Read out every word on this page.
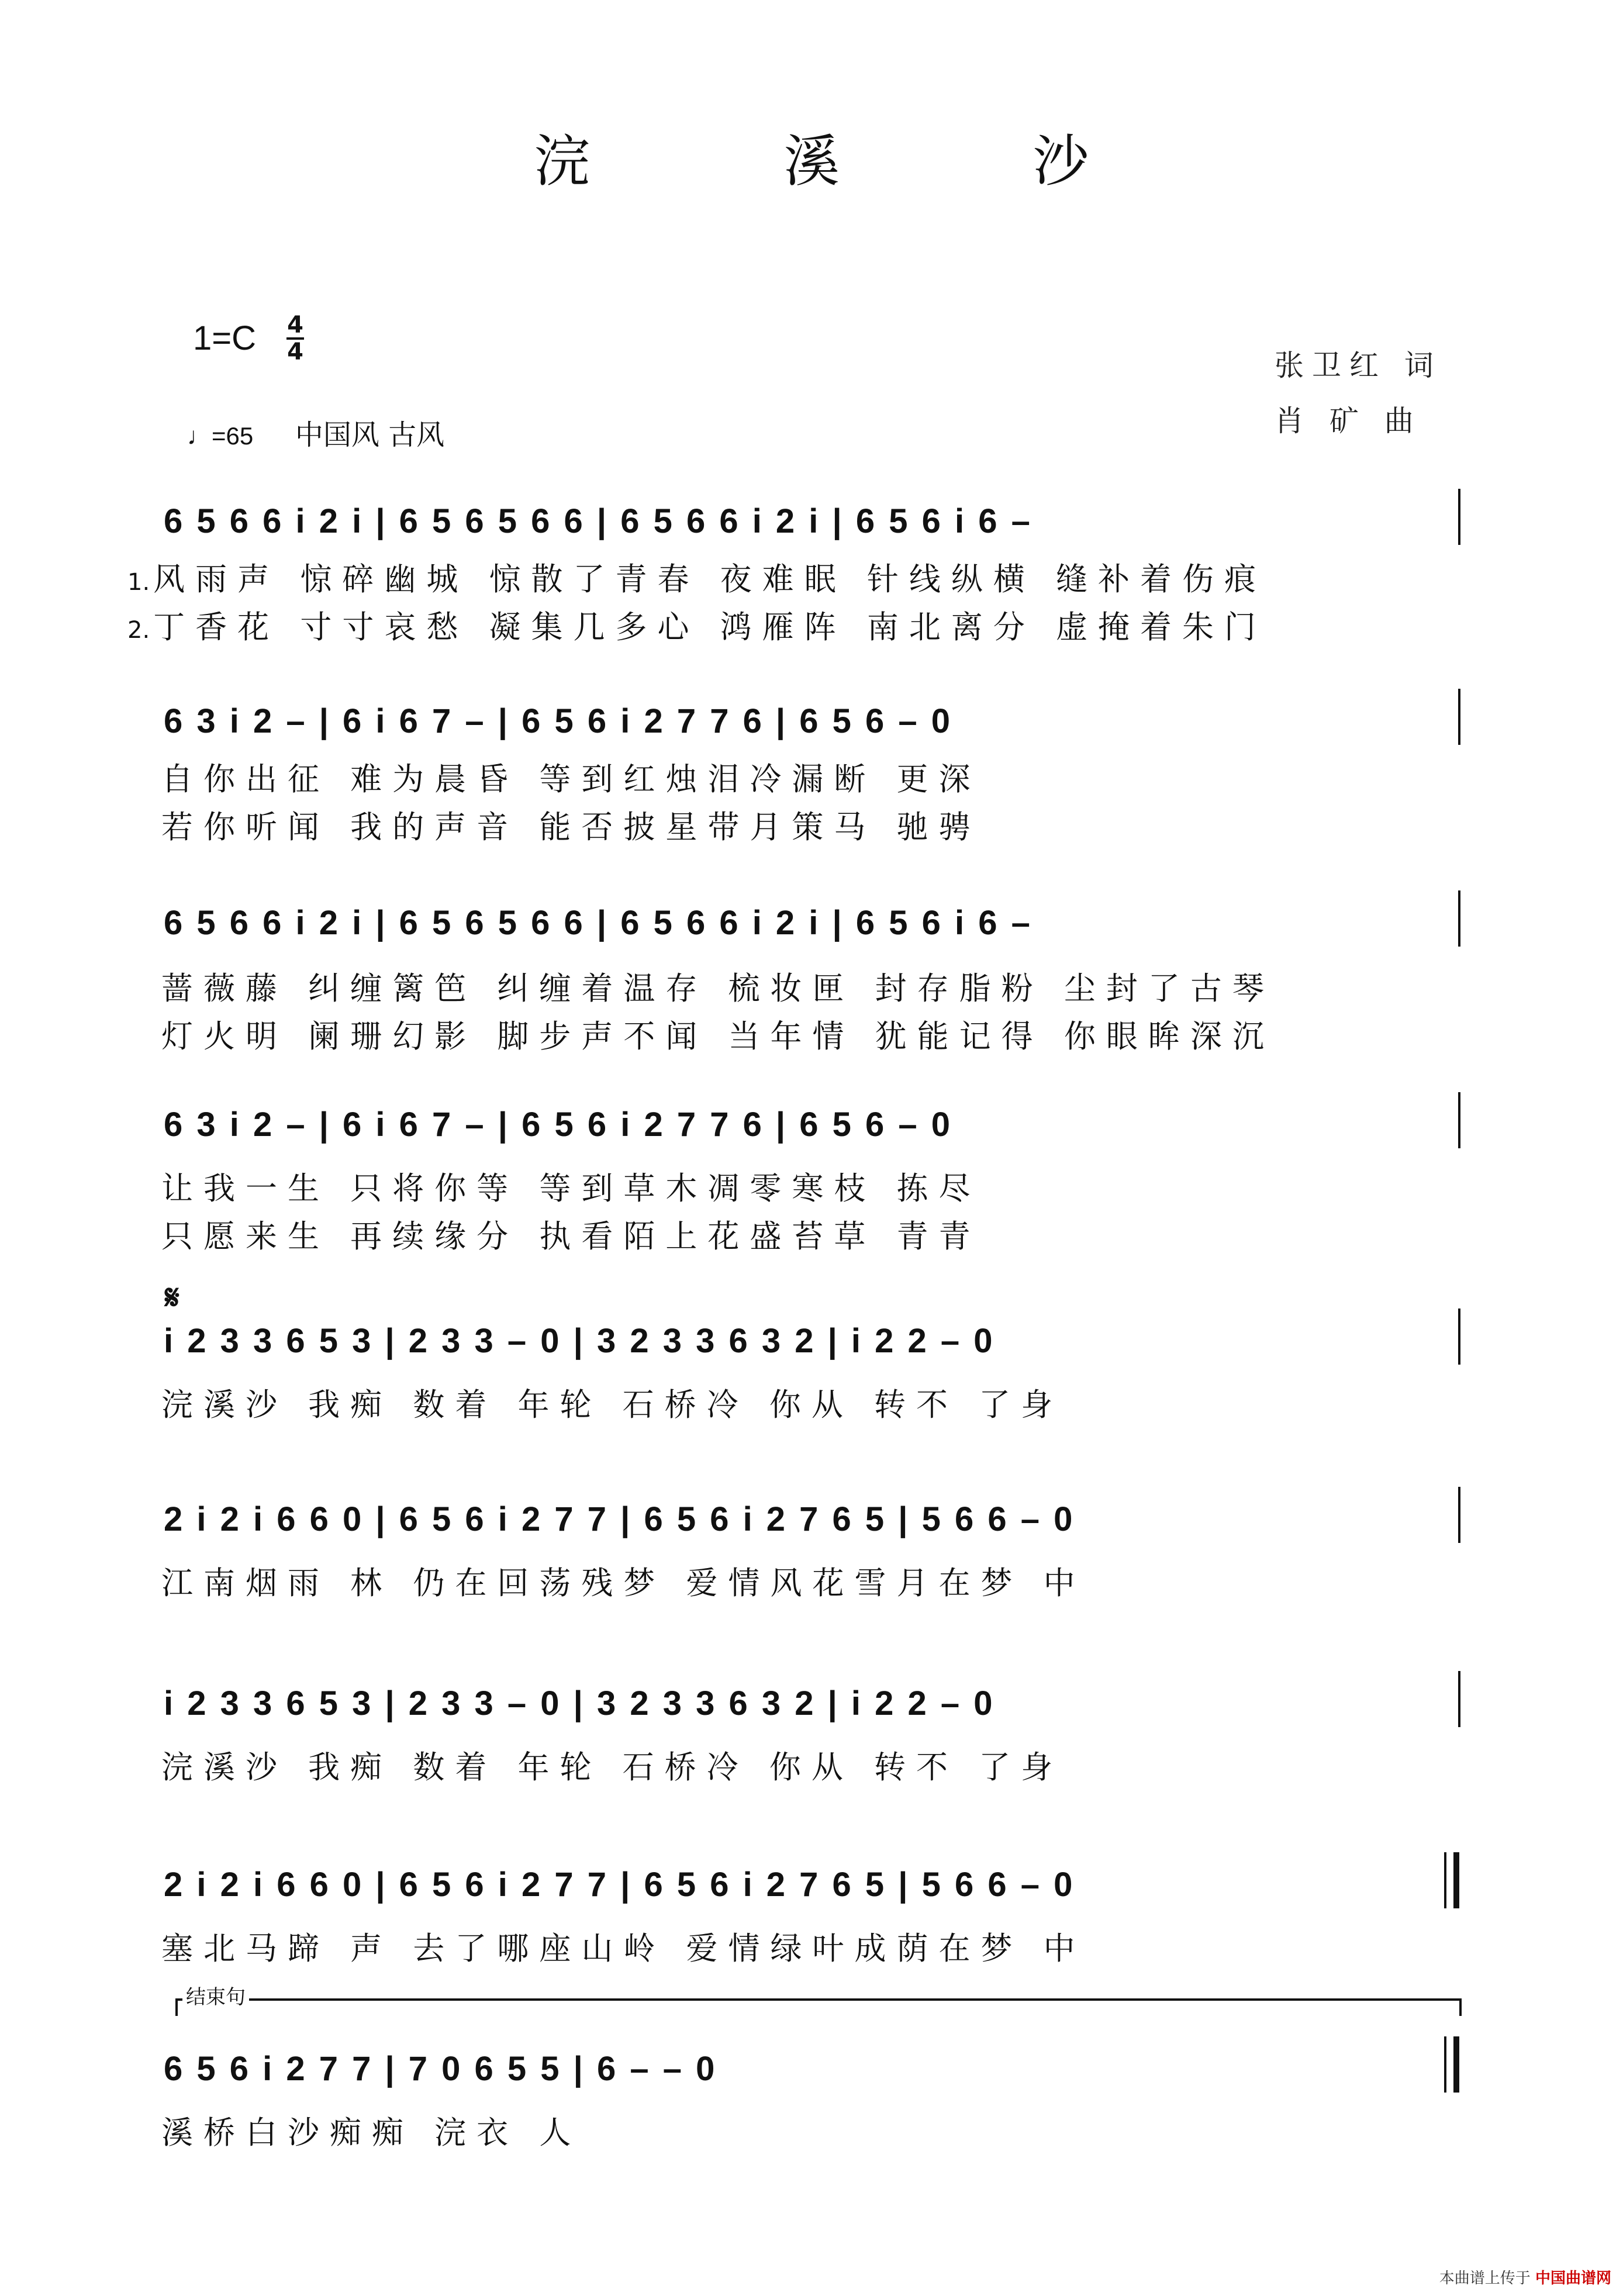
浣 溪 沙
1=C 4
4
♩=65 中国风 古风
张卫红 词
肖 矿 曲
6 5 6 6 i 2 i | 6 5 6 5 6 6 | 6 5 6 6 i 2 i | 6 5 6 i 6 –
1. 风雨声 惊碎幽城 惊散了青春 夜难眠 针线纵横 缝补着伤痕
2. 丁香花 寸寸哀愁 凝集几多心 鸿雁阵 南北离分 虚掩着朱门
6 3 i 2 – | 6 i 6 7 – | 6 5 6 i 2 7 7 6 | 6 5 6 – 0
自你出征 难为晨昏 等到红烛泪冷漏断 更深
若你听闻 我的声音 能否披星带月策马 驰骋
6 5 6 6 i 2 i | 6 5 6 5 6 6 | 6 5 6 6 i 2 i | 6 5 6 i 6 –
蔷薇藤 纠缠篱笆 纠缠着温存 梳妆匣 封存脂粉 尘封了古琴
灯火明 阑珊幻影 脚步声不闻 当年情 犹能记得 你眼眸深沉
6 3 i 2 – | 6 i 6 7 – | 6 5 6 i 2 7 7 6 | 6 5 6 – 0
让我一生 只将你等 等到草木凋零寒枝 拣尽
只愿来生 再续缘分 执看陌上花盛苔草 青青
𝄋
i 2 3 3 6 5 3 | 2 3 3 – 0 | 3 2 3 3 6 3 2 | i 2 2 – 0
浣溪沙 我痴 数着 年轮 石桥冷 你从 转不 了身
2 i 2 i 6 6 0 | 6 5 6 i 2 7 7 | 6 5 6 i 2 7 6 5 | 5 6 6 – 0
江南烟雨 林 仍在回荡残梦 爱情风花雪月在梦 中
i 2 3 3 6 5 3 | 2 3 3 – 0 | 3 2 3 3 6 3 2 | i 2 2 – 0
浣溪沙 我痴 数着 年轮 石桥冷 你从 转不 了身
2 i 2 i 6 6 0 | 6 5 6 i 2 7 7 | 6 5 6 i 2 7 6 5 | 5 6 6 – 0
塞北马蹄 声 去了哪座山岭 爱情绿叶成荫在梦 中
结束句
6 5 6 i 2 7 7 | 7 0 6 5 5 | 6 – – 0
溪桥白沙痴痴 浣衣 人
本曲谱上传于 中国曲谱网
